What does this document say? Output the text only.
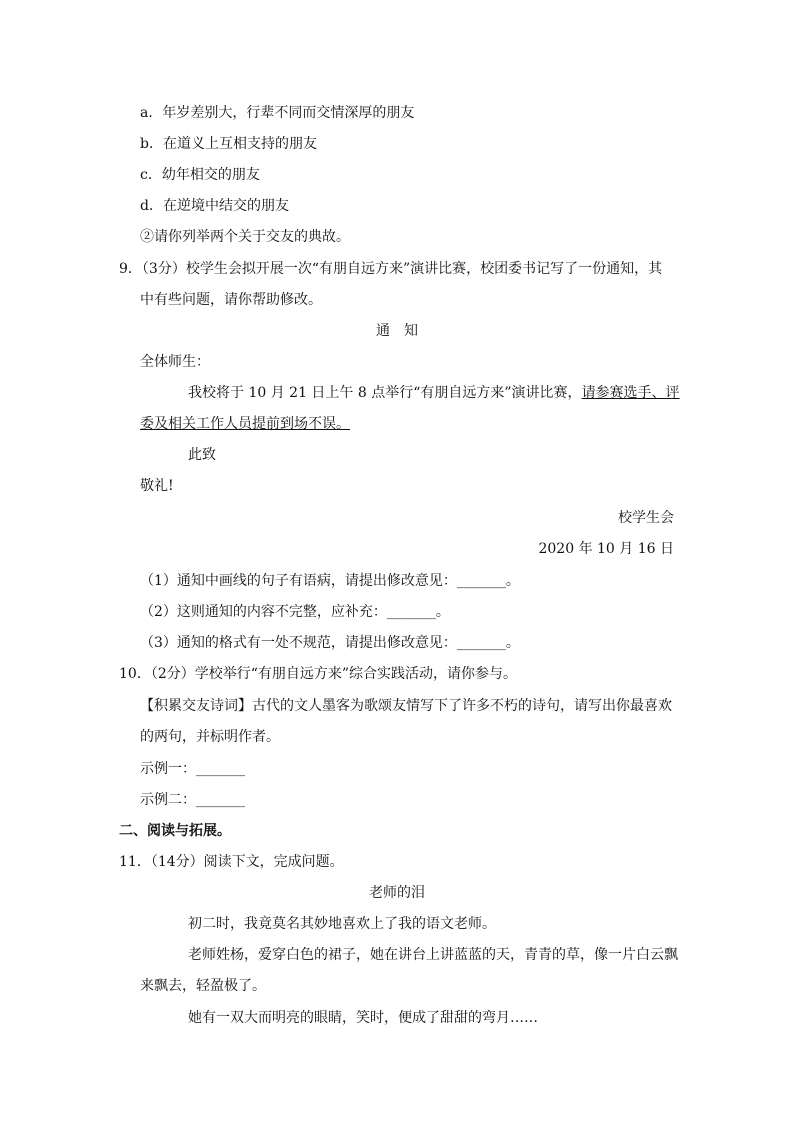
a．年岁差别大，行辈不同而交情深厚的朋友
b．在道义上互相支持的朋友
c．幼年相交的朋友
d．在逆境中结交的朋友
②请你列举两个关于交友的典故。
9．（3分）校学生会拟开展一次“有朋自远方来”演讲比赛，校团委书记写了一份通知，其
中有些问题，请你帮助修改。
通　知
全体师生：
我校将于 10 月 21 日上午 8 点举行“有朋自远方来”演讲比赛，请参赛选手、评
委及相关工作人员提前到场不误。
此致
敬礼!
校学生会
2020 年 10 月 16 日
（1）通知中画线的句子有语病，请提出修改意见：_______。
（2）这则通知的内容不完整，应补充：_______。
（3）通知的格式有一处不规范，请提出修改意见：_______。
10．（2分）学校举行“有朋自远方来”综合实践活动，请你参与。
【积累交友诗词】古代的文人墨客为歌颂友情写下了许多不朽的诗句，请写出你最喜欢
的两句，并标明作者。
示例一：_______
示例二：_______
二、阅读与拓展。
11．（14分）阅读下文，完成问题。
老师的泪
初二时，我竟莫名其妙地喜欢上了我的语文老师。
老师姓杨，爱穿白色的裙子，她在讲台上讲蓝蓝的天，青青的草，像一片白云飘
来飘去，轻盈极了。
她有一双大而明亮的眼睛，笑时，便成了甜甜的弯月……
